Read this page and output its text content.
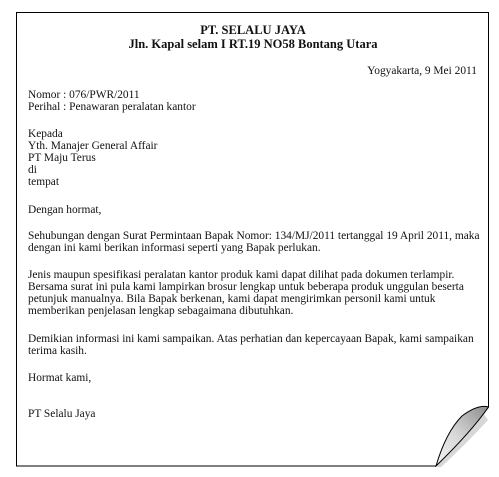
PT. SELALU JAYA
Jln. Kapal selam I RT.19 NO58 Bontang Utara
Yogyakarta, 9 Mei 2011
Nomor : 076/PWR/2011
Perihal : Penawaran peralatan kantor
Kepada
Yth. Manajer General Affair
PT Maju Terus
di
tempat
Dengan hormat,
Sehubungan dengan Surat Permintaan Bapak Nomor: 134/MJ/2011 tertanggal 19 April 2011, maka
dengan ini kami berikan informasi seperti yang Bapak perlukan.
Jenis maupun spesifikasi peralatan kantor produk kami dapat dilihat pada dokumen terlampir.
Bersama surat ini pula kami lampirkan brosur lengkap untuk beberapa produk unggulan beserta
petunjuk manualnya. Bila Bapak berkenan, kami dapat mengirimkan personil kami untuk
memberikan penjelasan lengkap sebagaimana dibutuhkan.
Demikian informasi ini kami sampaikan. Atas perhatian dan kepercayaan Bapak, kami sampaikan
terima kasih.
Hormat kami,
PT Selalu Jaya
